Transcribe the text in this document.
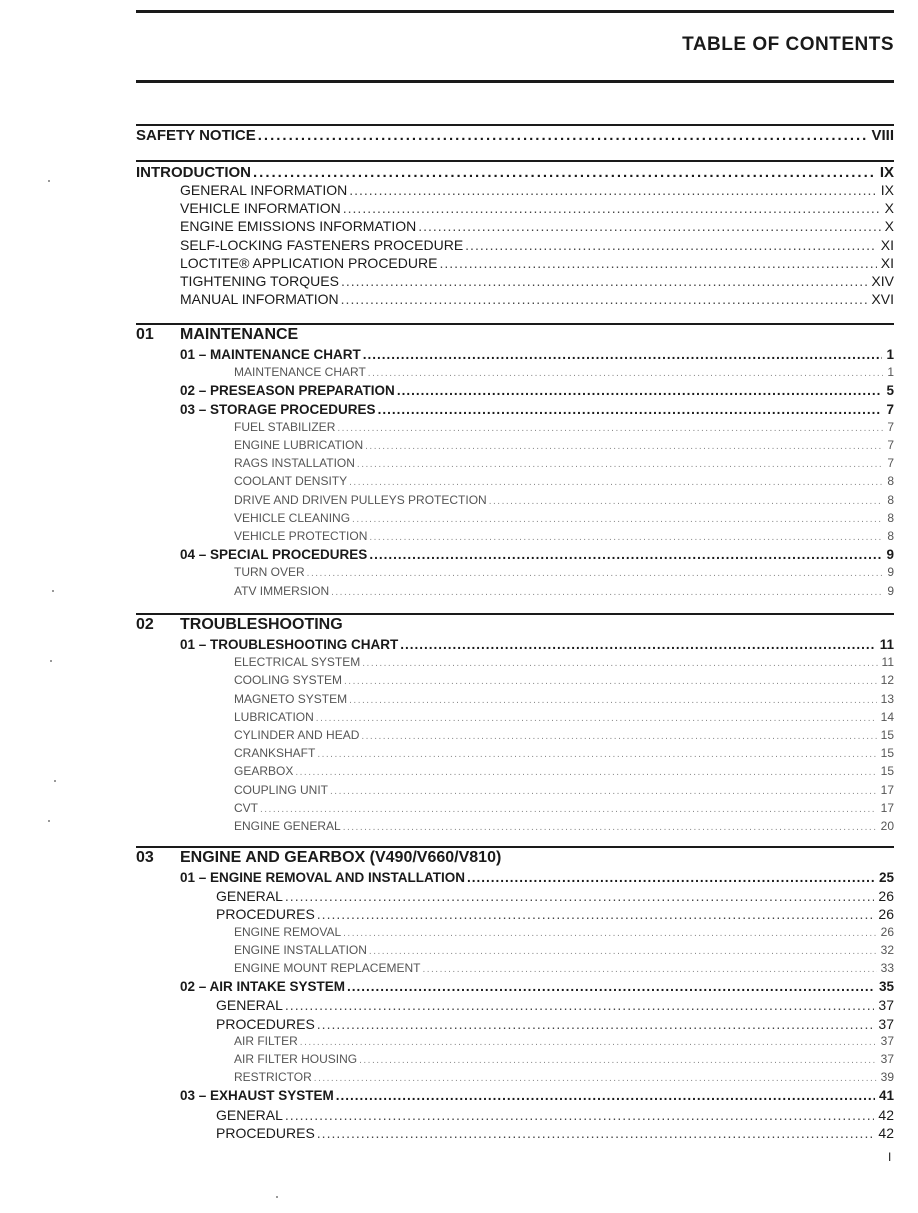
TABLE OF CONTENTS
SAFETY NOTICE .....	VIII
INTRODUCTION .....	IX
I
GENERAL INFORMATION .....	IX
VEHICLE INFORMATION .....	X
ENGINE EMISSIONS INFORMATION .....	X
SELF-LOCKING FASTENERS PROCEDURE .....	XI
LOCTITE® APPLICATION PROCEDURE .....	XI
TIGHTENING TORQUES .....	XIV
MANUAL INFORMATION .....	XVI
01	MAINTENANCE
01 – MAINTENANCE CHART .....	1
MAINTENANCE CHART .....	1
02 – PRESEASON PREPARATION .....	5
03 – STORAGE PROCEDURES .....	7
FUEL STABILIZER .....	7
ENGINE LUBRICATION .....	7
RAGS INSTALLATION .....	7
COOLANT DENSITY .....	8
DRIVE AND DRIVEN PULLEYS PROTECTION .....	8
VEHICLE CLEANING .....	8
VEHICLE PROTECTION .....	8
04 – SPECIAL PROCEDURES .....	9
TURN OVER .....	9
ATV IMMERSION .....	9
02	TROUBLESHOOTING
01 – TROUBLESHOOTING CHART .....	11
ELECTRICAL SYSTEM .....	11
COOLING SYSTEM .....	12
MAGNETO SYSTEM .....	13
LUBRICATION .....	14
CYLINDER AND HEAD .....	15
CRANKSHAFT .....	15
GEARBOX .....	15
COUPLING UNIT .....	17
CVT .....	17
ENGINE GENERAL .....	20
03	ENGINE AND GEARBOX (V490/V660/V810)
01 – ENGINE REMOVAL AND INSTALLATION .....	25
GENERAL .....	26
PROCEDURES .....	26
ENGINE REMOVAL .....	26
ENGINE INSTALLATION .....	32
ENGINE MOUNT REPLACEMENT .....	33
02 – AIR INTAKE SYSTEM .....	35
GENERAL .....	37
PROCEDURES .....	37
AIR FILTER .....	37
AIR FILTER HOUSING .....	37
RESTRICTOR .....	39
03 – EXHAUST SYSTEM .....	41
GENERAL .....	42
PROCEDURES .....	42
